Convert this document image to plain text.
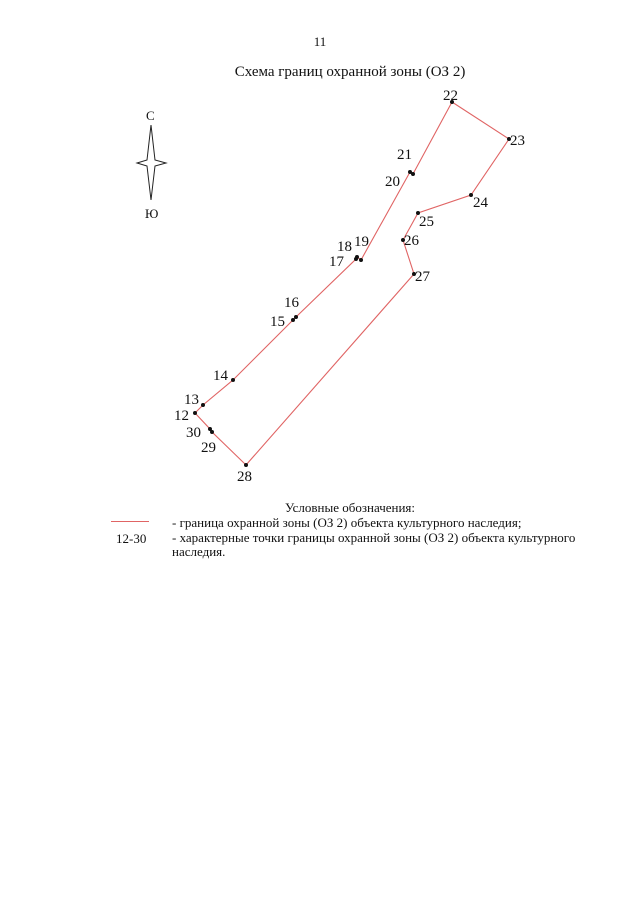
11
Схема границ охранной зоны (ОЗ 2)
С
Ю
12
13
14
15
16
17
18 19
20
21
22
23
24
25
26
27
28
29
30
Условные обозначения:
- граница охранной зоны (ОЗ 2) объекта культурного наследия;
12-30 - характерные точки границы охранной зоны (ОЗ 2) объекта культурного наследия.
